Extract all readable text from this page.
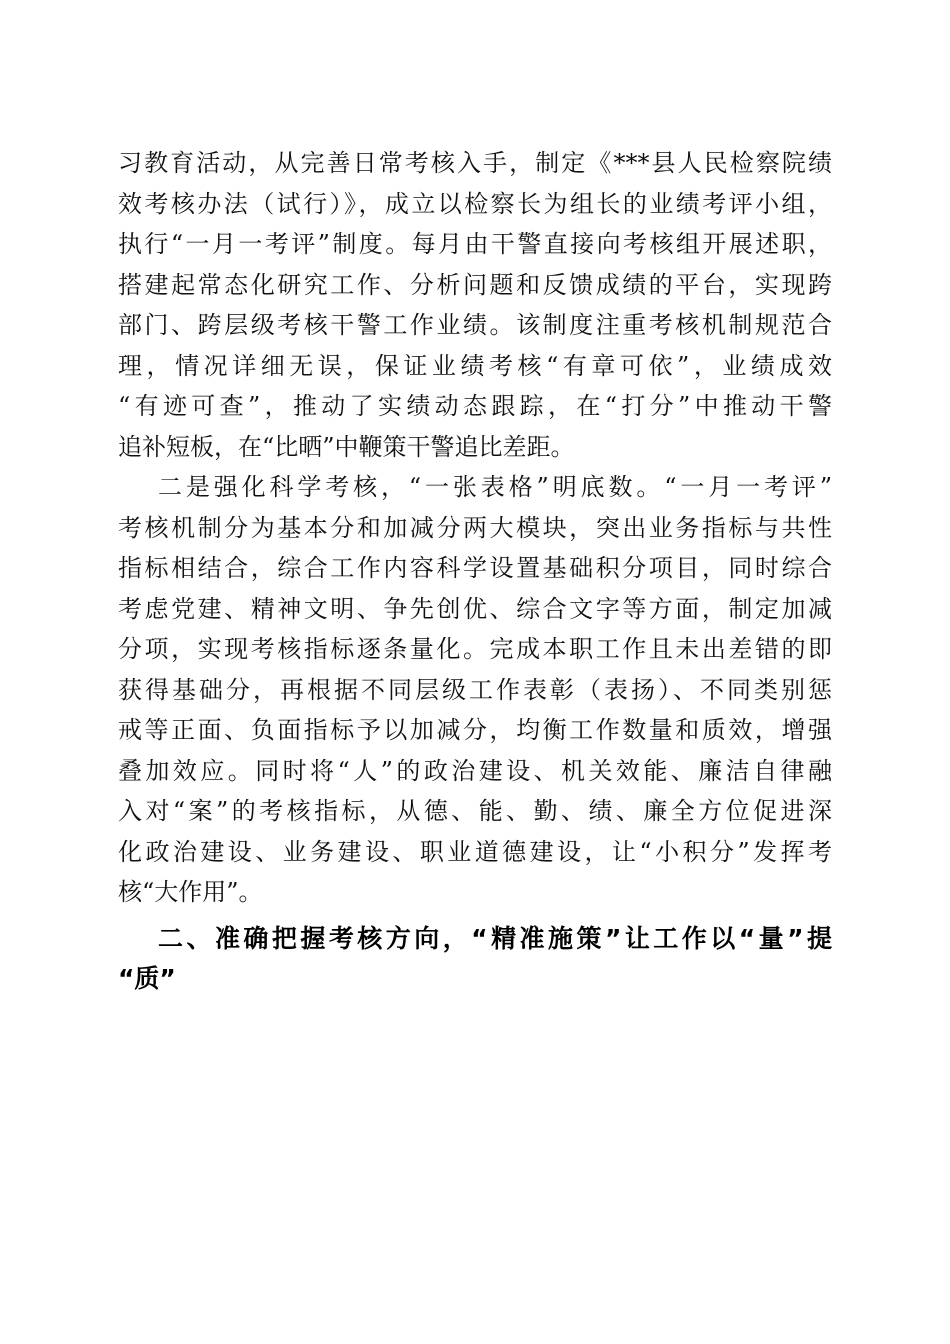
习教育活动，从完善日常考核入手，制定《***县人民检察院绩
效考核办法（试行）》，成立以检察长为组长的业绩考评小组，
执行“一月一考评”制度。每月由干警直接向考核组开展述职，
搭建起常态化研究工作、分析问题和反馈成绩的平台，实现跨
部门、跨层级考核干警工作业绩。该制度注重考核机制规范合
理，情况详细无误，保证业绩考核“有章可依”，业绩成效
“有迹可查”，推动了实绩动态跟踪，在“打分”中推动干警
追补短板，在“比晒”中鞭策干警追比差距。
二是强化科学考核，“一张表格”明底数。“一月一考评”
考核机制分为基本分和加减分两大模块，突出业务指标与共性
指标相结合，综合工作内容科学设置基础积分项目，同时综合
考虑党建、精神文明、争先创优、综合文字等方面，制定加减
分项，实现考核指标逐条量化。完成本职工作且未出差错的即
获得基础分，再根据不同层级工作表彰（表扬）、不同类别惩
戒等正面、负面指标予以加减分，均衡工作数量和质效，增强
叠加效应。同时将“人”的政治建设、机关效能、廉洁自律融
入对“案”的考核指标，从德、能、勤、绩、廉全方位促进深
化政治建设、业务建设、职业道德建设，让“小积分”发挥考
核“大作用”。
二、准确把握考核方向，“精准施策”让工作以“量”提
“质”
